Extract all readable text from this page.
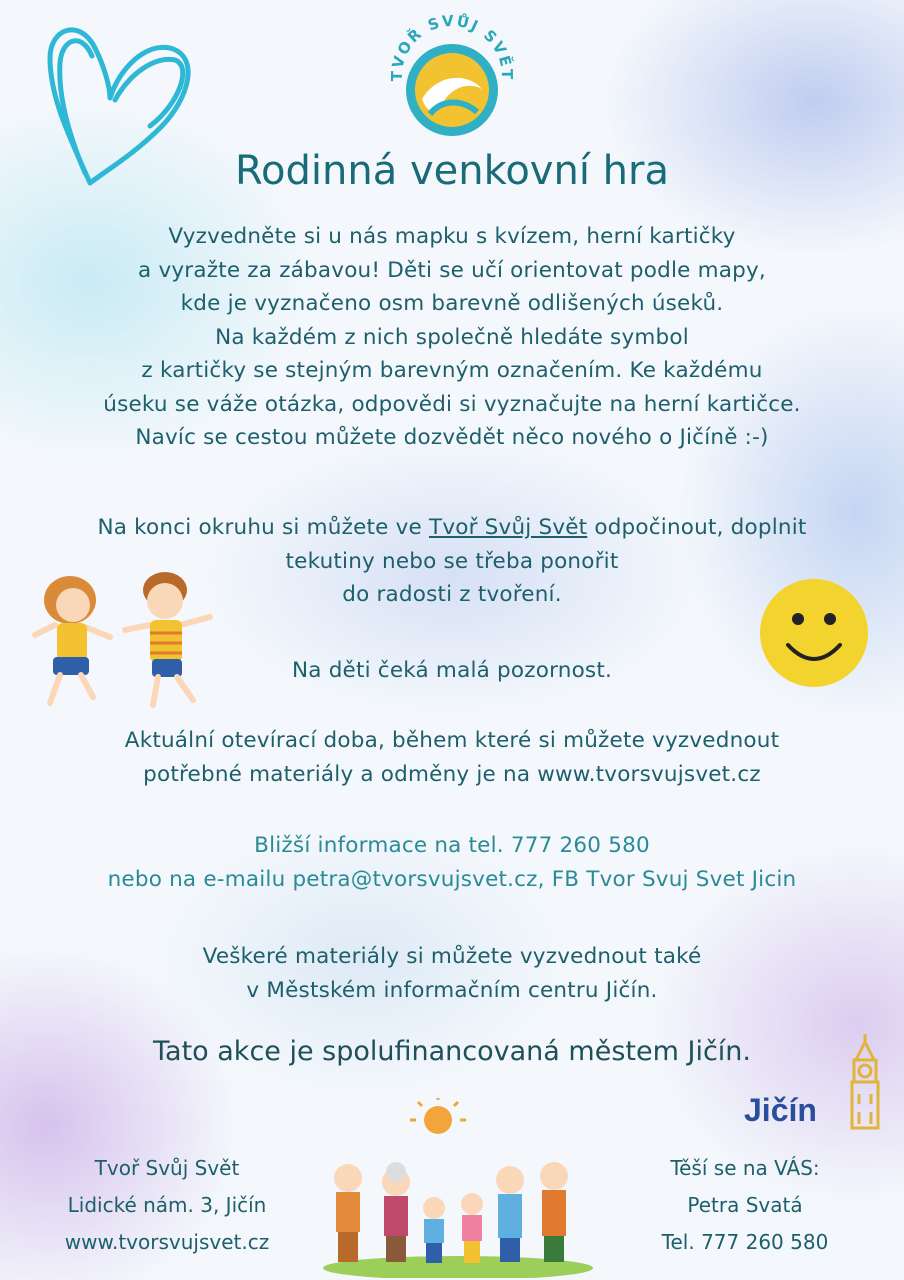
TVOŘ SVŮJ SVĚT
Rodinná venkovní hra
Vyzvedněte si u nás mapku s kvízem, herní kartičky
a vyražte za zábavou! Děti se učí orientovat podle mapy,
kde je vyznačeno osm barevně odlišených úseků.
Na každém z nich společně hledáte symbol
z kartičky se stejným barevným označením. Ke každému
úseku se váže otázka, odpovědi si vyznačujte na herní kartičce.
Navíc se cestou můžete dozvědět něco nového o Jičíně :-)
Na konci okruhu si můžete ve Tvoř Svůj Svět odpočinout, doplnit
tekutiny nebo se třeba ponořit
do radosti z tvoření.
Na děti čeká malá pozornost.
Aktuální otevírací doba, během které si můžete vyzvednout
potřebné materiály a odměny je na www.tvorsvujsvet.cz
Bližší informace na tel. 777 260 580
nebo na e-mailu petra@tvorsvujsvet.cz, FB Tvor Svuj Svet Jicin
Veškeré materiály si můžete vyzvednout také
v Městském informačním centru Jičín.
Tato akce je spolufinancovaná městem Jičín.
Jičín
Tvoř Svůj Svět
Lidické nám. 3, Jičín
www.tvorsvujsvet.cz
Těší se na VÁS:
Petra Svatá
Tel. 777 260 580
